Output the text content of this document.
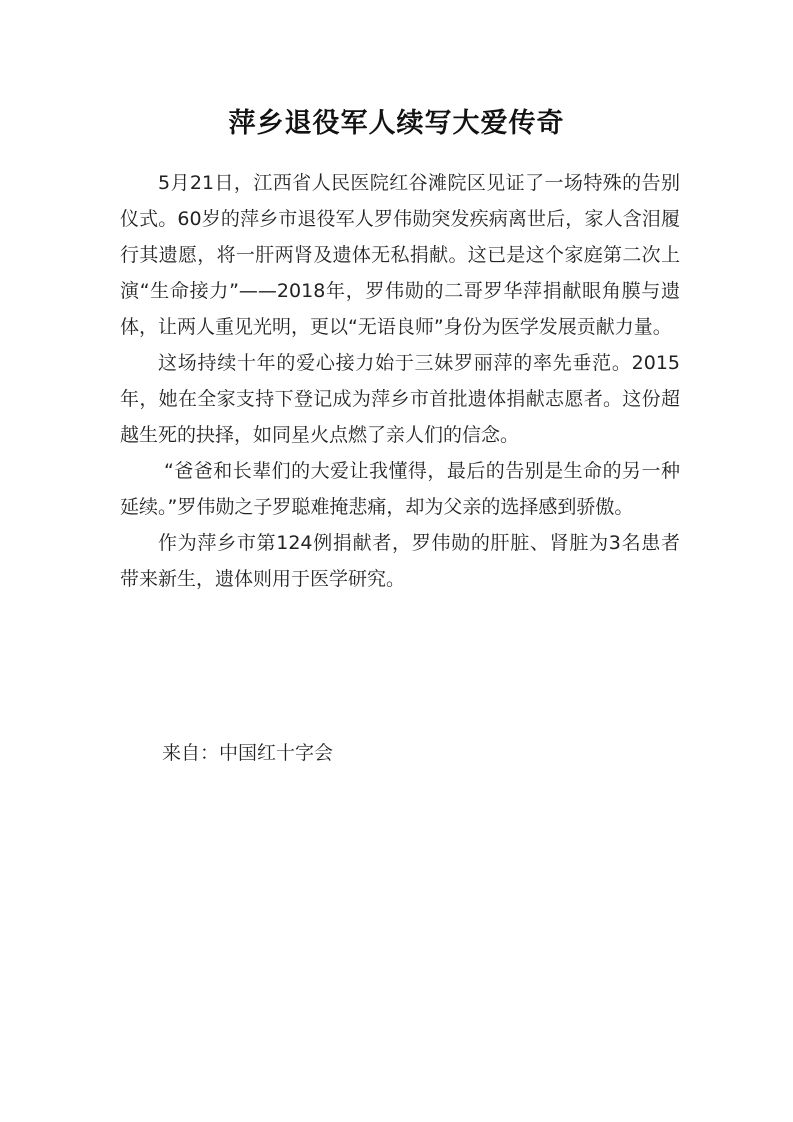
萍乡退役军人续写大爱传奇

5月21日，江西省人民医院红谷滩院区见证了一场特殊的告别仪式。60岁的萍乡市退役军人罗伟勋突发疾病离世后，家人含泪履行其遗愿，将一肝两肾及遗体无私捐献。这已是这个家庭第二次上演“生命接力”——2018年，罗伟勋的二哥罗华萍捐献眼角膜与遗体，让两人重见光明，更以“无语良师”身份为医学发展贡献力量。

这场持续十年的爱心接力始于三妹罗丽萍的率先垂范。2015年，她在全家支持下登记成为萍乡市首批遗体捐献志愿者。这份超越生死的抉择，如同星火点燃了亲人们的信念。

“爸爸和长辈们的大爱让我懂得，最后的告别是生命的另一种延续。”罗伟勋之子罗聪难掩悲痛，却为父亲的选择感到骄傲。

作为萍乡市第124例捐献者，罗伟勋的肝脏、肾脏为3名患者带来新生，遗体则用于医学研究。

来自：中国红十字会
